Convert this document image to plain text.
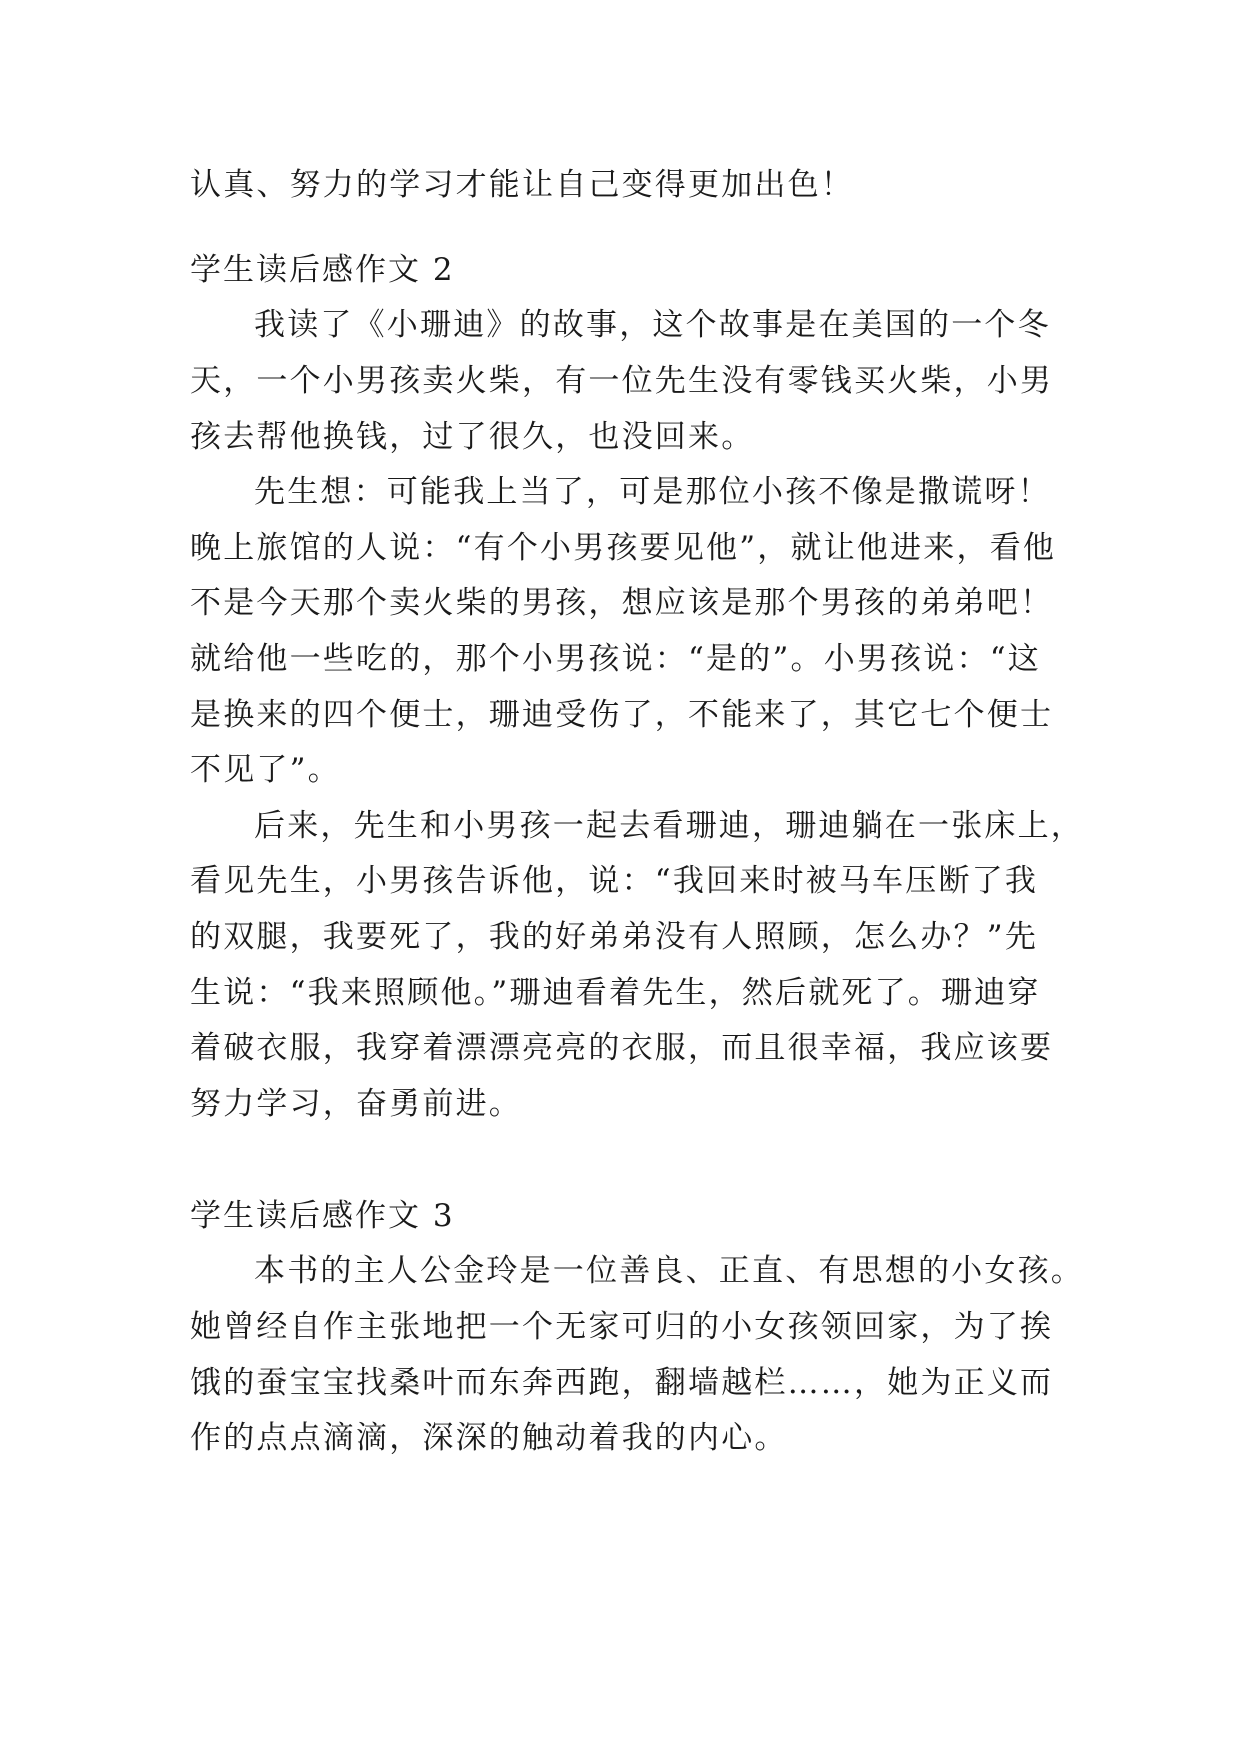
认真、努力的学习才能让自己变得更加出色！
学生读后感作文 2
我读了《小珊迪》的故事，这个故事是在美国的一个冬
天，一个小男孩卖火柴，有一位先生没有零钱买火柴，小男
孩去帮他换钱，过了很久，也没回来。
先生想：可能我上当了，可是那位小孩不像是撒谎呀！
晚上旅馆的人说：“有个小男孩要见他”，就让他进来，看他
不是今天那个卖火柴的男孩，想应该是那个男孩的弟弟吧！
就给他一些吃的，那个小男孩说：“是的”。小男孩说：“这
是换来的四个便士，珊迪受伤了，不能来了，其它七个便士
不见了”。
后来，先生和小男孩一起去看珊迪，珊迪躺在一张床上，
看见先生，小男孩告诉他，说：“我回来时被马车压断了我
的双腿，我要死了，我的好弟弟没有人照顾，怎么办？”先
生说：“我来照顾他。”珊迪看着先生，然后就死了。珊迪穿
着破衣服，我穿着漂漂亮亮的衣服，而且很幸福，我应该要
努力学习，奋勇前进。
学生读后感作文 3
本书的主人公金玲是一位善良、正直、有思想的小女孩。
她曾经自作主张地把一个无家可归的小女孩领回家，为了挨
饿的蚕宝宝找桑叶而东奔西跑，翻墙越栏……，她为正义而
作的点点滴滴，深深的触动着我的内心。
